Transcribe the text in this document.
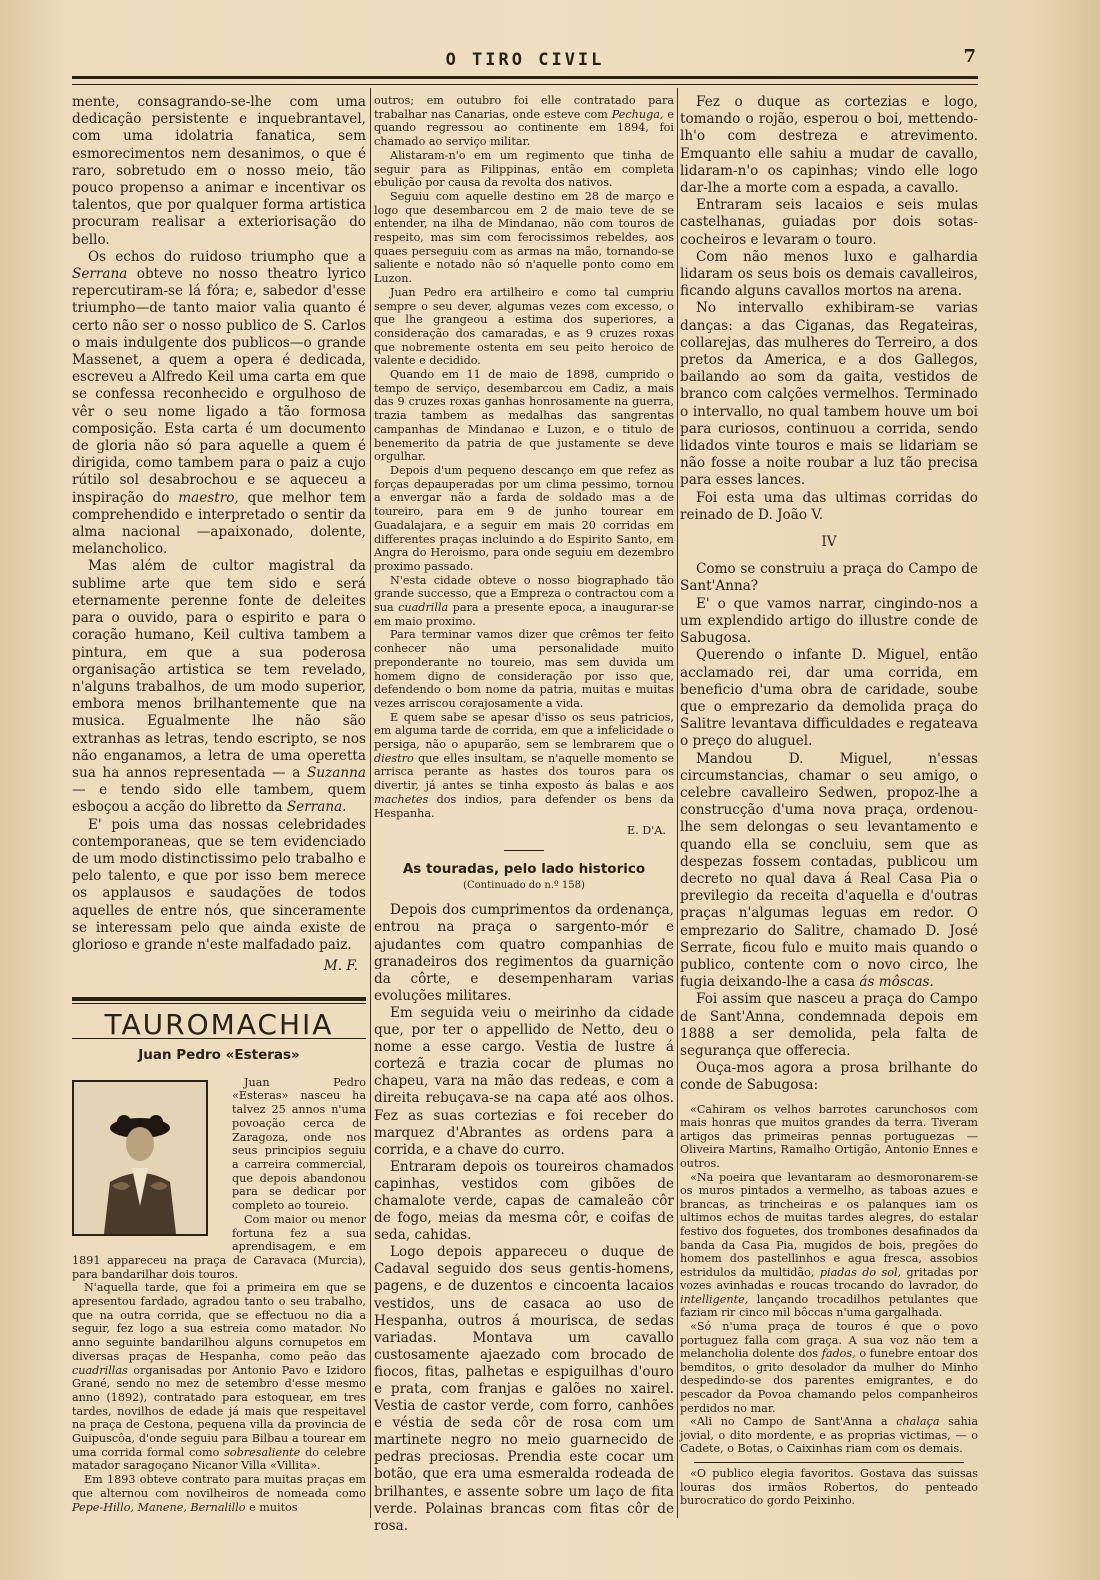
O TIRO CIVIL	7

mente, consagrando-se-lhe com uma dedicação persistente e inquebrantavel, com uma idolatria fanatica, sem esmorecimentos nem desanimos, o que é raro, sobretudo em o nosso meio, tão pouco propenso a animar e incentivar os talentos, que por qualquer forma artistica procuram realisar a exteriorisação do bello.

Os echos do ruidoso triumpho que a Serrana obteve no nosso theatro lyrico repercutiram-se lá fóra; e, sabedor d'esse triumpho—de tanto maior valia quanto é certo não ser o nosso publico de S. Carlos o mais indulgente dos publicos—o grande Massenet, a quem a opera é dedicada, escreveu a Alfredo Keil uma carta em que se confessa reconhecido e orgulhoso de vêr o seu nome ligado a tão formosa composição. Esta carta é um documento de gloria não só para aquelle a quem é dirigida, como tambem para o paiz a cujo rútilo sol desabrochou e se aqueceu a inspiração do maestro, que melhor tem comprehendido e interpretado o sentir da alma nacional —apaixonado, dolente, melancholico.

Mas além de cultor magistral da sublime arte que tem sido e será eternamente perenne fonte de deleites para o ouvido, para o espirito e para o coração humano, Keil cultiva tambem a pintura, em que a sua poderosa organisação artistica se tem revelado, n'alguns trabalhos, de um modo superior, embora menos brilhantemente que na musica. Egualmente lhe não são extranhas as letras, tendo escripto, se nos não enganamos, a letra de uma operetta sua ha annos representada — a Suzanna — e tendo sido elle tambem, quem esboçou a acção do libretto da Serrana.

E' pois uma das nossas celebridades contemporaneas, que se tem evidenciado de um modo distinctissimo pelo trabalho e pelo talento, e que por isso bem merece os applausos e saudações de todos aquelles de entre nós, que sinceramente se interessam pelo que ainda existe de glorioso e grande n'este malfadado paiz.

M. F.
TAUROMACHIA
Juan Pedro «Esteras»

Juan Pedro «Esteras» nasceu ha talvez 25 annos n'uma povoação cerca de Zaragoza, onde nos seus principios seguiu a carreira commercial, que depois abandonou para se dedicar por completo ao toureio.

Com maior ou menor fortuna fez a sua aprendisagem, e em 1891 appareceu na praça de Caravaca (Murcia), para bandarilhar dois touros.

N'aquella tarde, que foi a primeira em que se apresentou fardado, agradou tanto o seu trabalho, que na outra corrida, que se effectuou no dia a seguir, fez logo a sua estreia como matador. No anno seguinte bandarilhou alguns cornupetos em diversas praças de Hespanha, como peão das cuadrillas organisadas por Antonio Pavo e Izidoro Grané, sendo no mez de setembro d'esse mesmo anno (1892), contratado para estoquear, em tres tardes, novilhos de edade já mais que respeitavel na praça de Cestona, pequena villa da provincia de Guipuscôa, d'onde seguiu para Bilbau a tourear em uma corrida formal como sobresaliente do celebre matador saragoçano Nicanor Villa «Villita».

Em 1893 obteve contrato para muitas praças em que alternou com novilheiros de nomeada como Pepe-Hillo, Manene, Bernalillo e muitos

outros; em outubro foi elle contratado para trabalhar nas Canarias, onde esteve com Pechuga, e quando regressou ao continente em 1894, foi chamado ao serviço militar.

Alistaram-n'o em um regimento que tinha de seguir para as Filippinas, então em completa ebulição por causa da revolta dos nativos.

Seguiu com aquelle destino em 28 de março e logo que desembarcou em 2 de maio teve de se entender, na ilha de Mindanao, não com touros de respeito, mas sim com ferocissimos rebeldes, aos quaes perseguiu com as armas na mão, tornando-se saliente e notado não só n'aquelle ponto como em Luzon.

Juan Pedro era artilheiro e como tal cumpriu sempre o seu dever, algumas vezes com excesso, o que lhe grangeou a estima dos superiores, a consideração dos camaradas, e as 9 cruzes roxas que nobremente ostenta em seu peito heroico de valente e decidido.

Quando em 11 de maio de 1898, cumprido o tempo de serviço, desembarcou em Cadiz, a mais das 9 cruzes roxas ganhas honrosamente na guerra, trazia tambem as medalhas das sangrentas campanhas de Mindanao e Luzon, e o titulo de benemerito da patria de que justamente se deve orgulhar.

Depois d'um pequeno descanço em que refez as forças depauperadas por um clima pessimo, tornou a envergar não a farda de soldado mas a de toureiro, para em 9 de junho tourear em Guadalajara, e a seguir em mais 20 corridas em differentes praças incluindo a do Espirito Santo, em Angra do Heroismo, para onde seguiu em dezembro proximo passado.

N'esta cidade obteve o nosso biographado tão grande successo, que a Empreza o contractou com a sua cuadrilla para a presente epoca, a inaugurar-se em maio proximo.

Para terminar vamos dizer que crêmos ter feito conhecer não uma personalidade muito preponderante no toureio, mas sem duvida um homem digno de consideração por isso que, defendendo o bom nome da patria, muitas e muitas vezes arriscou corajosamente a vida.

E quem sabe se apesar d'isso os seus patricios, em alguma tarde de corrida, em que a infelicidade o persiga, não o apuparão, sem se lembrarem que o diestro que elles insultam, se n'aquelle momento se arrisca perante as hastes dos touros para os divertir, já antes se tinha exposto ás balas e aos machetes dos indios, para defender os bens da Hespanha.

E. D'A.
As touradas, pelo lado historico
(Continuado do n.º 158)

Depois dos cumprimentos da ordenança, entrou na praça o sargento-mór e ajudantes com quatro companhias de granadeiros dos regimentos da guarnição da côrte, e desempenharam varias evoluções militares.

Em seguida veiu o meirinho da cidade que, por ter o appellido de Netto, deu o nome a esse cargo. Vestia de lustre á cortezã e trazia cocar de plumas no chapeu, vara na mão das redeas, e com a direita rebuçava-se na capa até aos olhos. Fez as suas cortezias e foi receber do marquez d'Abrantes as ordens para a corrida, e a chave do curro.

Entraram depois os toureiros chamados capinhas, vestidos com gibões de chamalote verde, capas de camaleão côr de fogo, meias da mesma côr, e coifas de seda, cahidas.

Logo depois appareceu o duque de Cadaval seguido dos seus gentis-homens, pagens, e de duzentos e cincoenta lacaios vestidos, uns de casaca ao uso de Hespanha, outros á mourisca, de sedas variadas. Montava um cavallo custosamente ajaezado com brocado de fiocos, fitas, palhetas e espiguilhas d'ouro e prata, com franjas e galões no xairel. Vestia de castor verde, com forro, canhões e véstia de seda côr de rosa com um martinete negro no meio guarnecido de pedras preciosas. Prendia este cocar um botão, que era uma esmeralda rodeada de brilhantes, e assente sobre um laço de fita verde. Polainas brancas com fitas côr de rosa.

Fez o duque as cortezias e logo, tomando o rojão, esperou o boi, mettendo-lh'o com destreza e atrevimento. Emquanto elle sahiu a mudar de cavallo, lidaram-n'o os capinhas; vindo elle logo dar-lhe a morte com a espada, a cavallo.

Entraram seis lacaios e seis mulas castelhanas, guiadas por dois sotas-cocheiros e levaram o touro.

Com não menos luxo e galhardia lidaram os seus bois os demais cavalleiros, ficando alguns cavallos mortos na arena.

No intervallo exhibiram-se varias danças: a das Ciganas, das Regateiras, collarejas, das mulheres do Terreiro, a dos pretos da America, e a dos Gallegos, bailando ao som da gaita, vestidos de branco com calções vermelhos. Terminado o intervallo, no qual tambem houve um boi para curiosos, continuou a corrida, sendo lidados vinte touros e mais se lidariam se não fosse a noite roubar a luz tão precisa para esses lances.

Foi esta uma das ultimas corridas do reinado de D. João V.

IV

Como se construiu a praça do Campo de Sant'Anna?

E' o que vamos narrar, cingindo-nos a um explendido artigo do illustre conde de Sabugosa.

Querendo o infante D. Miguel, então acclamado rei, dar uma corrida, em beneficio d'uma obra de caridade, soube que o emprezario da demolida praça do Salitre levantava difficuldades e regateava o preço do aluguel.

Mandou D. Miguel, n'essas circumstancias, chamar o seu amigo, o celebre cavalleiro Sedwen, propoz-lhe a construcção d'uma nova praça, ordenou-lhe sem delongas o seu levantamento e quando ella se concluiu, sem que as despezas fossem contadas, publicou um decreto no qual dava á Real Casa Pia o previlegio da receita d'aquella e d'outras praças n'algumas leguas em redor. O emprezario do Salitre, chamado D. José Serrate, ficou fulo e muito mais quando o publico, contente com o novo circo, lhe fugia deixando-lhe a casa ás môscas.

Foi assim que nasceu a praça do Campo de Sant'Anna, condemnada depois em 1888 a ser demolida, pela falta de segurança que offerecia.

Ouça-mos agora a prosa brilhante do conde de Sabugosa:

«Cahiram os velhos barrotes carunchosos com mais honras que muitos grandes da terra. Tiveram artigos das primeiras pennas portuguezas — Oliveira Martins, Ramalho Ortigão, Antonio Ennes e outros.

«Na poeira que levantaram ao desmoronarem-se os muros pintados a vermelho, as taboas azues e brancas, as trincheiras e os palanques iam os ultimos echos de muitas tardes alegres, do estalar festivo dos foguetes, dos trombones desafinados da banda da Casa Pia, mugidos de bois, pregões do homem dos pastellinhos e agua fresca, assobios estridulos da multidão, piadas do sol, gritadas por vozes avinhadas e roucas trocando do lavrador, do intelligente, lançando trocadilhos petulantes que faziam rir cinco mil bôccas n'uma gargalhada.

«Só n'uma praça de touros é que o povo portuguez falla com graça. A sua voz não tem a melancholia dolente dos fados, o funebre entoar dos bemditos, o grito desolador da mulher do Minho despedindo-se dos parentes emigrantes, e do pescador da Povoa chamando pelos companheiros perdidos no mar.

«Ali no Campo de Sant'Anna a chalaça sahia jovial, o dito mordente, e as proprias victimas, — o Cadete, o Botas, o Caixinhas riam com os demais.

«O publico elegia favoritos. Gostava das suissas louras dos irmãos Robertos, do penteado burocratico do gordo Peixinho.
